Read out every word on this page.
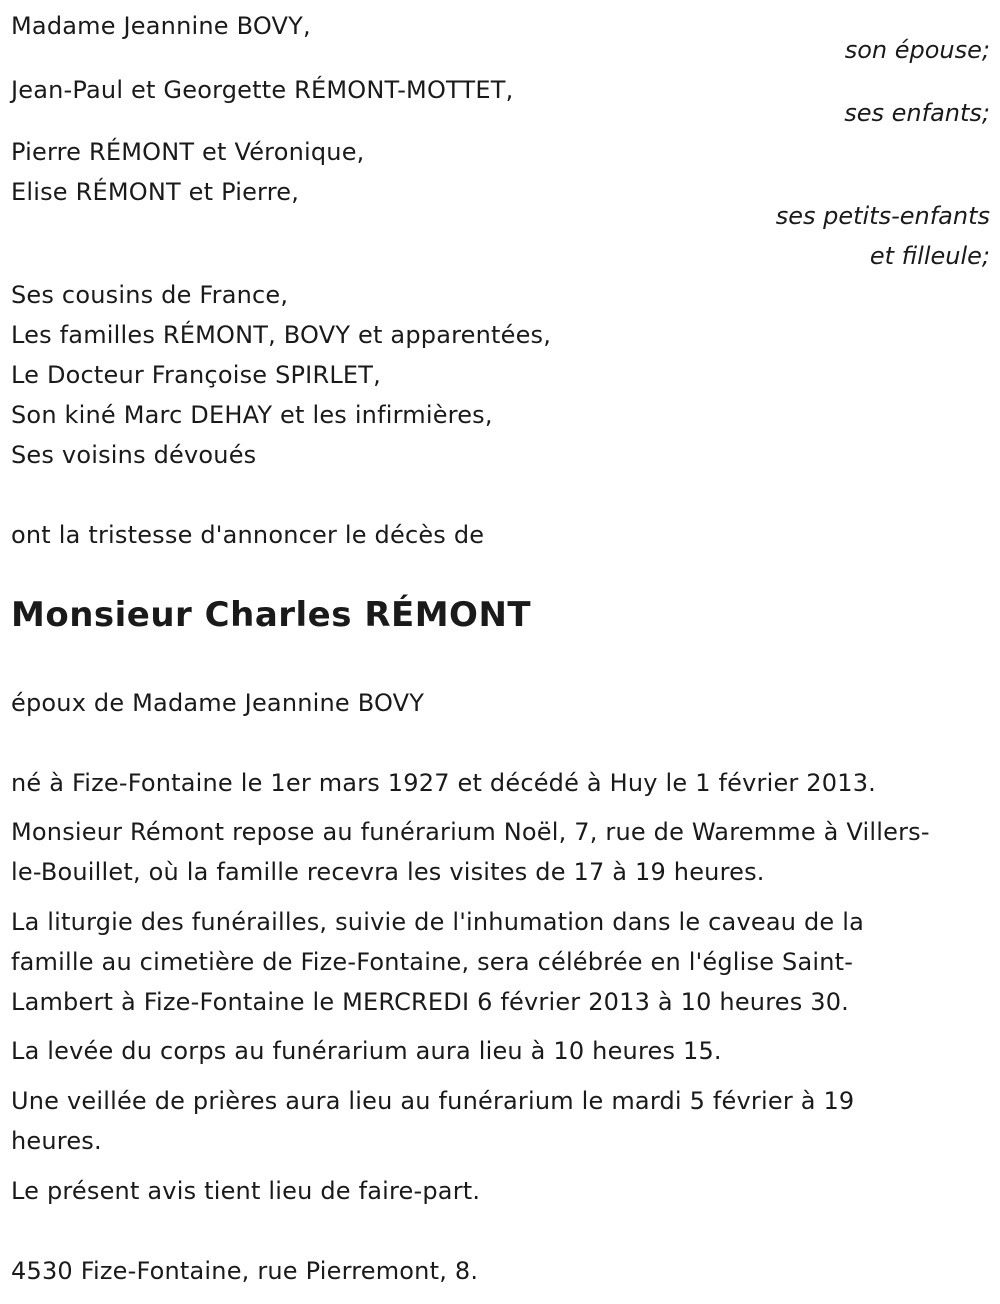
Madame Jeannine BOVY,
son épouse;
Jean-Paul et Georgette RÉMONT-MOTTET,
ses enfants;
Pierre RÉMONT et Véronique,
Elise RÉMONT et Pierre,
ses petits-enfants
et filleule;
Ses cousins de France,
Les familles RÉMONT, BOVY et apparentées,
Le Docteur Françoise SPIRLET,
Son kiné Marc DEHAY et les infirmières,
Ses voisins dévoués
ont la tristesse d'annoncer le décès de
Monsieur Charles RÉMONT
époux de Madame Jeannine BOVY
né à Fize-Fontaine le 1er mars 1927 et décédé à Huy le 1 février 2013.
Monsieur Rémont repose au funérarium Noël, 7, rue de Waremme à Villers-le-Bouillet, où la famille recevra les visites de 17 à 19 heures.
La liturgie des funérailles, suivie de l'inhumation dans le caveau de la famille au cimetière de Fize-Fontaine, sera célébrée en l'église Saint-Lambert à Fize-Fontaine le MERCREDI 6 février 2013 à 10 heures 30.
La levée du corps au funérarium aura lieu à 10 heures 15.
Une veillée de prières aura lieu au funérarium le mardi 5 février à 19 heures.
Le présent avis tient lieu de faire-part.
4530 Fize-Fontaine, rue Pierremont, 8.
